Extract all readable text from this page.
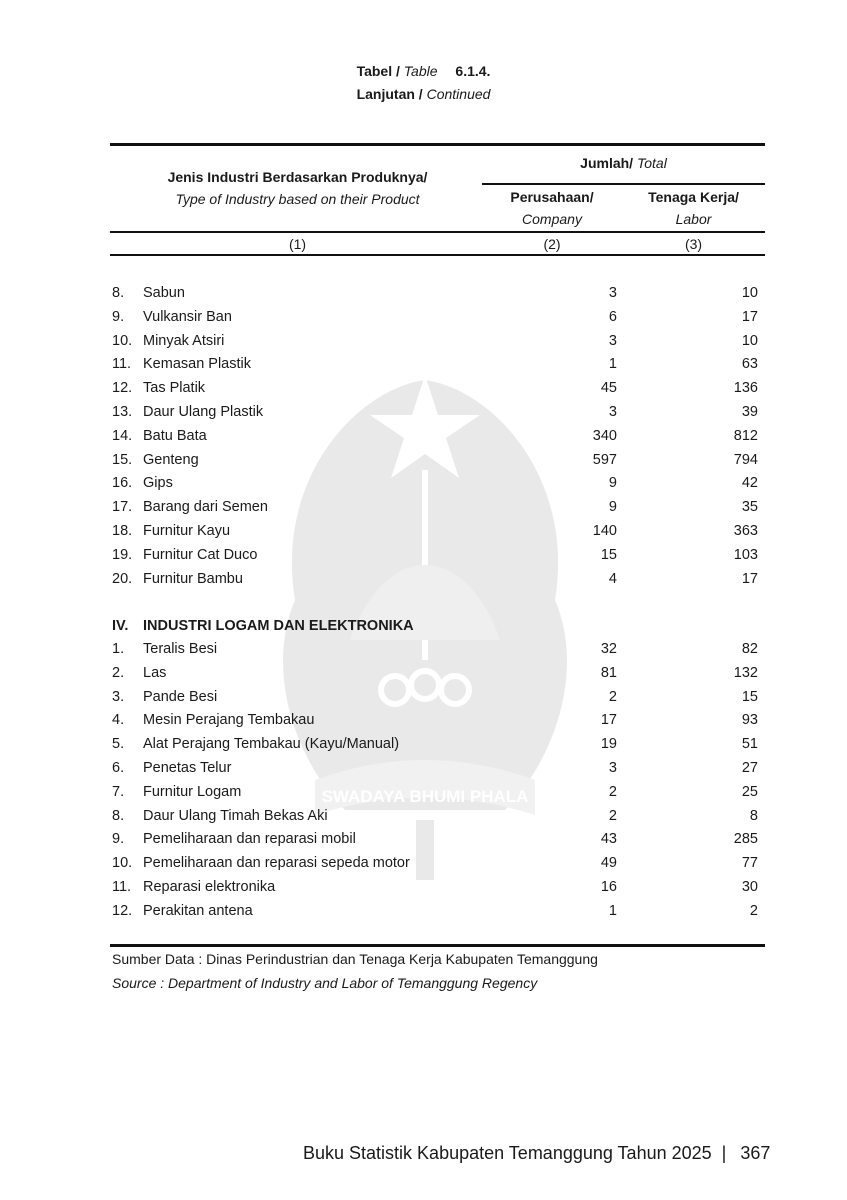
SWADAYA BHUMI PHALA
KABUPATEN TEMANGGUNG
Tabel / Table 6.1.4.
Lanjutan / Continued
Jenis Industri Berdasarkan Produknya/
Type of Industry based on their Product
Jumlah/ Total
Perusahaan/
Company
Tenaga Kerja/
Labor
(1)	(2)	(3)
8. Sabun	3	10
9. Vulkansir Ban	6	17
10. Minyak Atsiri	3	10
11. Kemasan Plastik	1	63
12. Tas Platik	45	136
13. Daur Ulang Plastik	3	39
14. Batu Bata	340	812
15. Genteng	597	794
16. Gips	9	42
17. Barang dari Semen	9	35
18. Furnitur Kayu	140	363
19. Furnitur Cat Duco	15	103
20. Furnitur Bambu	4	17
IV. INDUSTRI LOGAM DAN ELEKTRONIKA
1. Teralis Besi	32	82
2. Las	81	132
3. Pande Besi	2	15
4. Mesin Perajang Tembakau	17	93
5. Alat Perajang Tembakau (Kayu/Manual)	19	51
6. Penetas Telur	3	27
7. Furnitur Logam	2	25
8. Daur Ulang Timah Bekas Aki	2	8
9. Pemeliharaan dan reparasi mobil	43	285
10. Pemeliharaan dan reparasi sepeda motor	49	77
11. Reparasi elektronika	16	30
12. Perakitan antena	1	2
Sumber Data : Dinas Perindustrian dan Tenaga Kerja Kabupaten Temanggung
Source : Department of Industry and Labor of Temanggung Regency
Buku Statistik Kabupaten Temanggung Tahun 2025 | 367
